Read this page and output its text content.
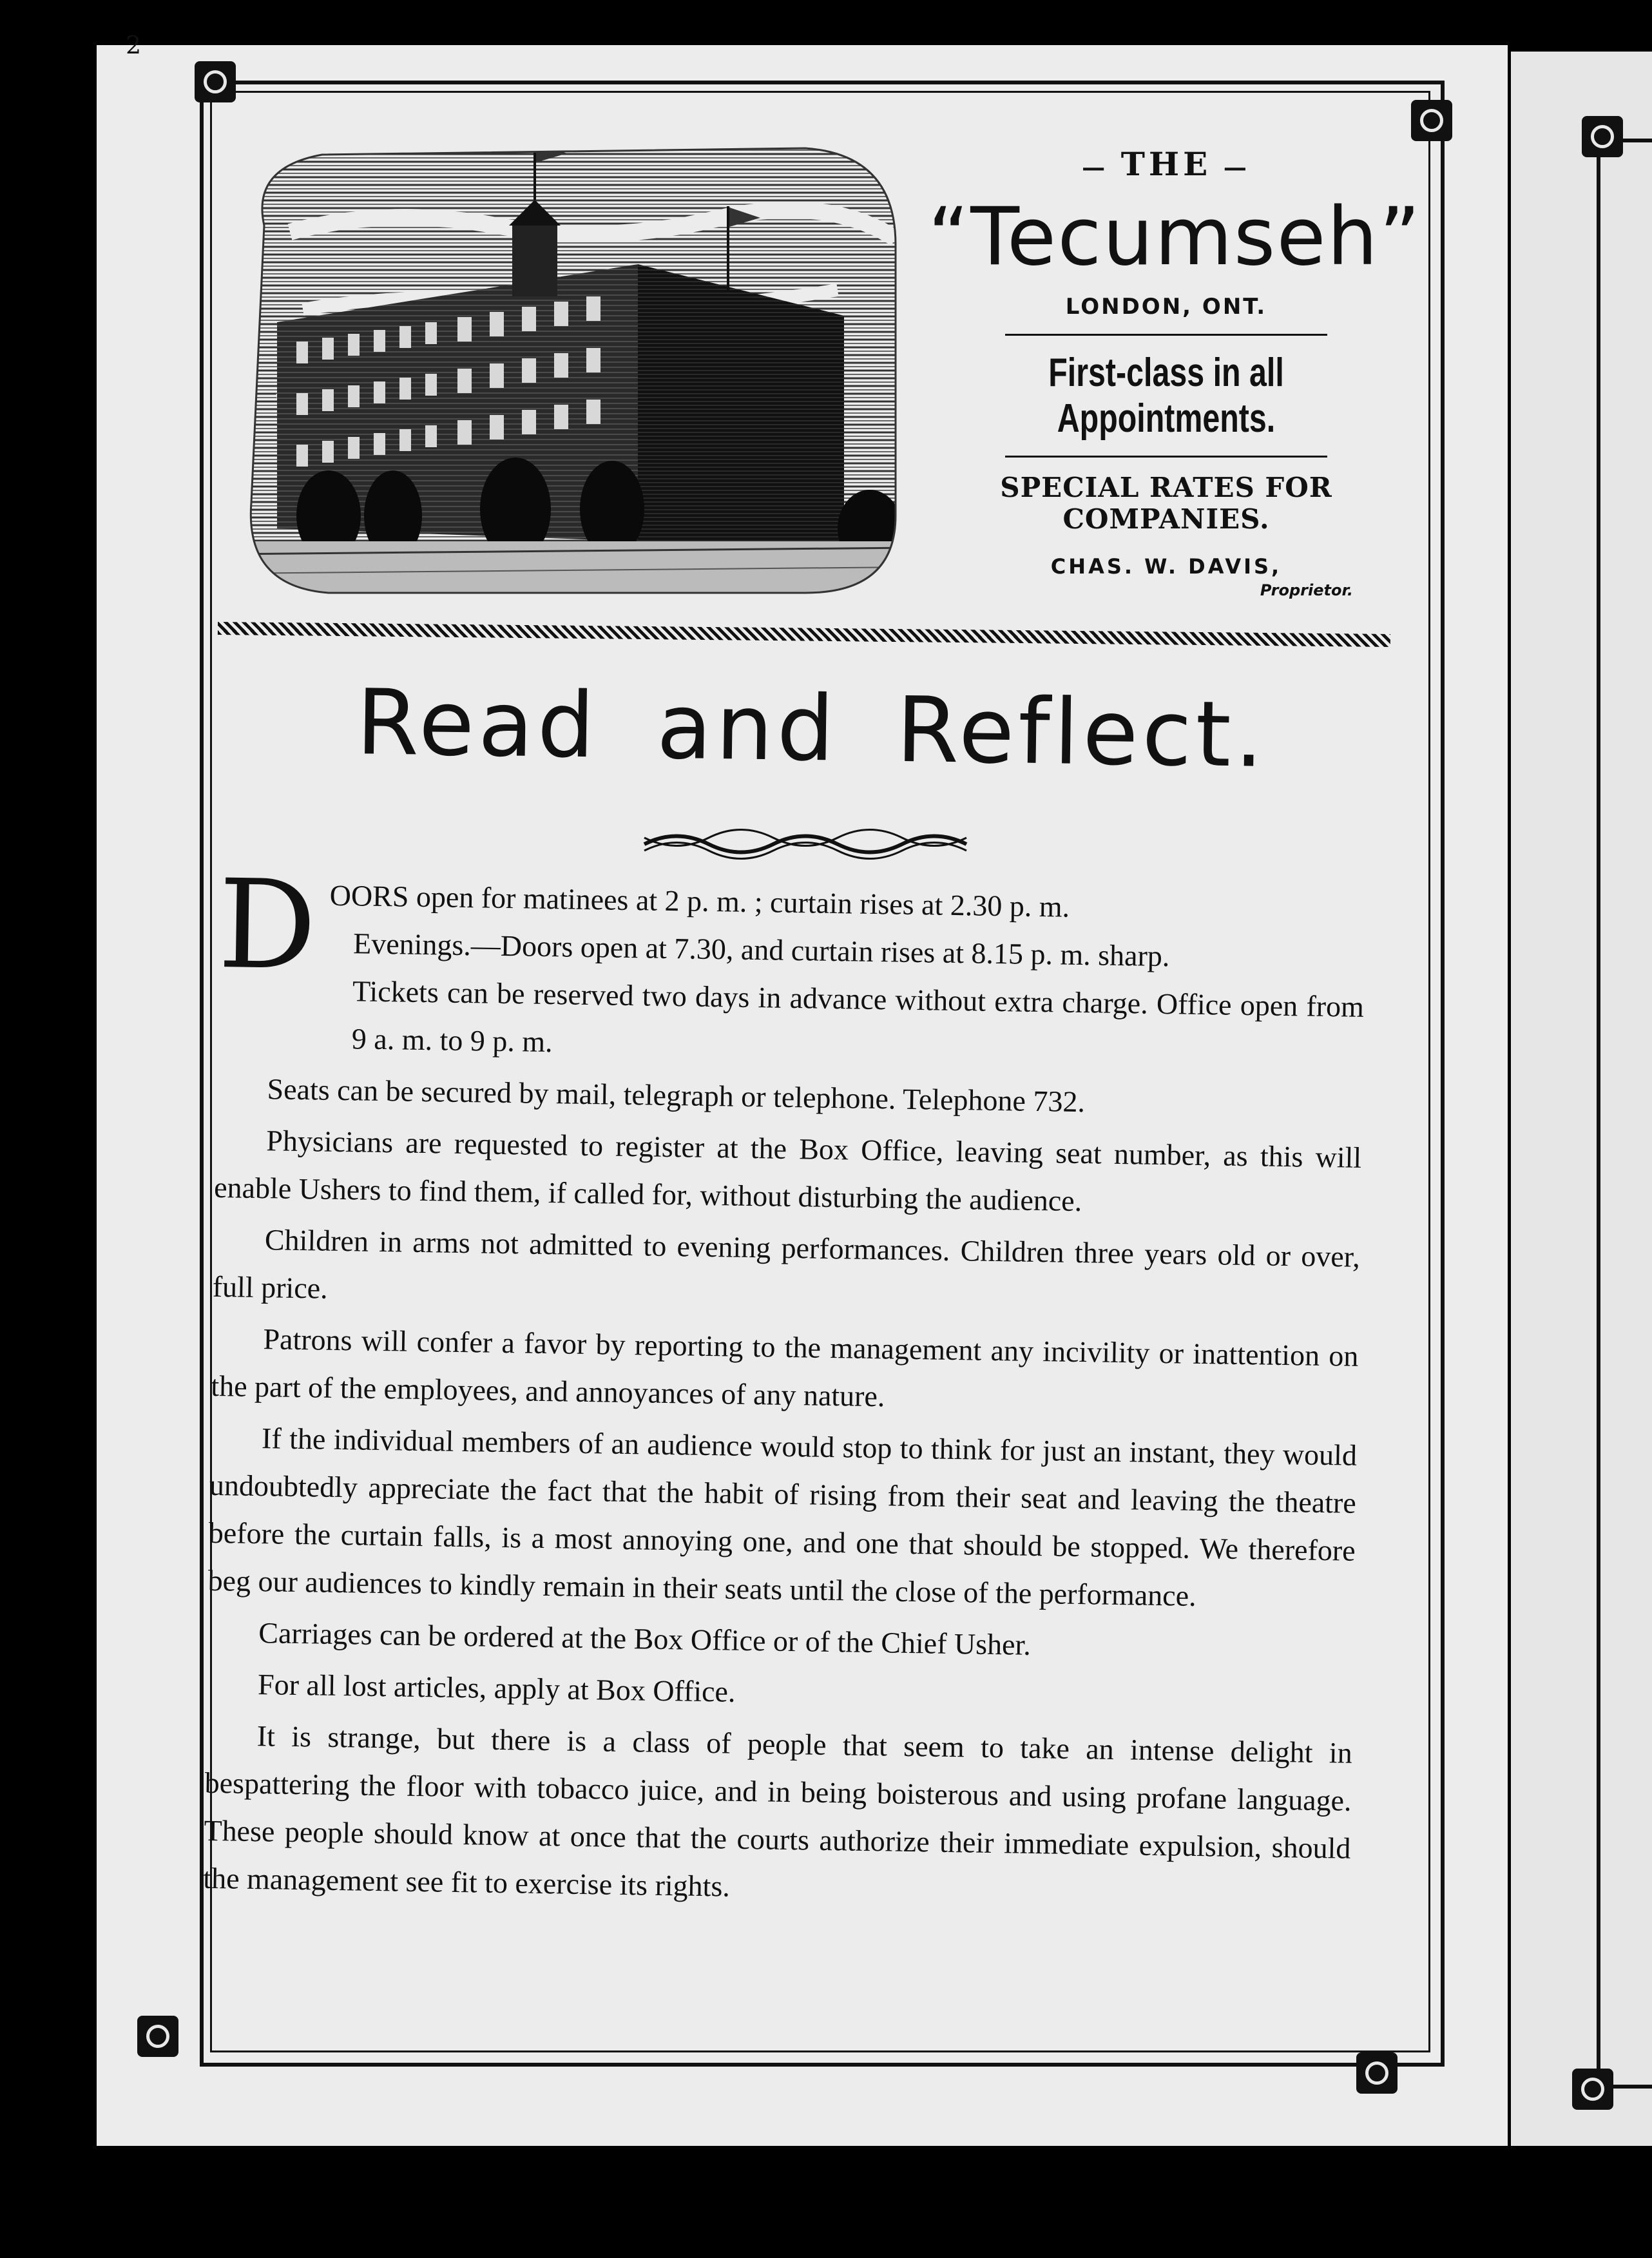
2
— THE —
“Tecumseh”
LONDON, ONT.
First-class in all Appointments.
SPECIAL RATES FOR COMPANIES.
CHAS. W. DAVIS,
Proprietor.
Read and Reflect.

DOORS open for matinees at 2 p. m. ; curtain rises at 2.30 p. m.
Evenings.—Doors open at 7.30, and curtain rises at 8.15 p. m. sharp.
Tickets can be reserved two days in advance without extra charge. Office open from 9 a. m. to 9 p. m.

Seats can be secured by mail, telegraph or telephone. Telephone 732.

Physicians are requested to register at the Box Office, leaving seat number, as this will enable Ushers to find them, if called for, without disturbing the audience.

Children in arms not admitted to evening performances. Children three years old or over, full price.

Patrons will confer a favor by reporting to the management any incivility or inattention on the part of the employees, and annoyances of any nature.

If the individual members of an audience would stop to think for just an instant, they would undoubtedly appreciate the fact that the habit of rising from their seat and leaving the theatre before the curtain falls, is a most annoying one, and one that should be stopped. We therefore beg our audiences to kindly remain in their seats until the close of the performance.

Carriages can be ordered at the Box Office or of the Chief Usher.

For all lost articles, apply at Box Office.

It is strange, but there is a class of people that seem to take an intense delight in bespattering the floor with tobacco juice, and in being boisterous and using profane language. These people should know at once that the courts authorize their immediate expulsion, should the management see fit to exercise its rights.
